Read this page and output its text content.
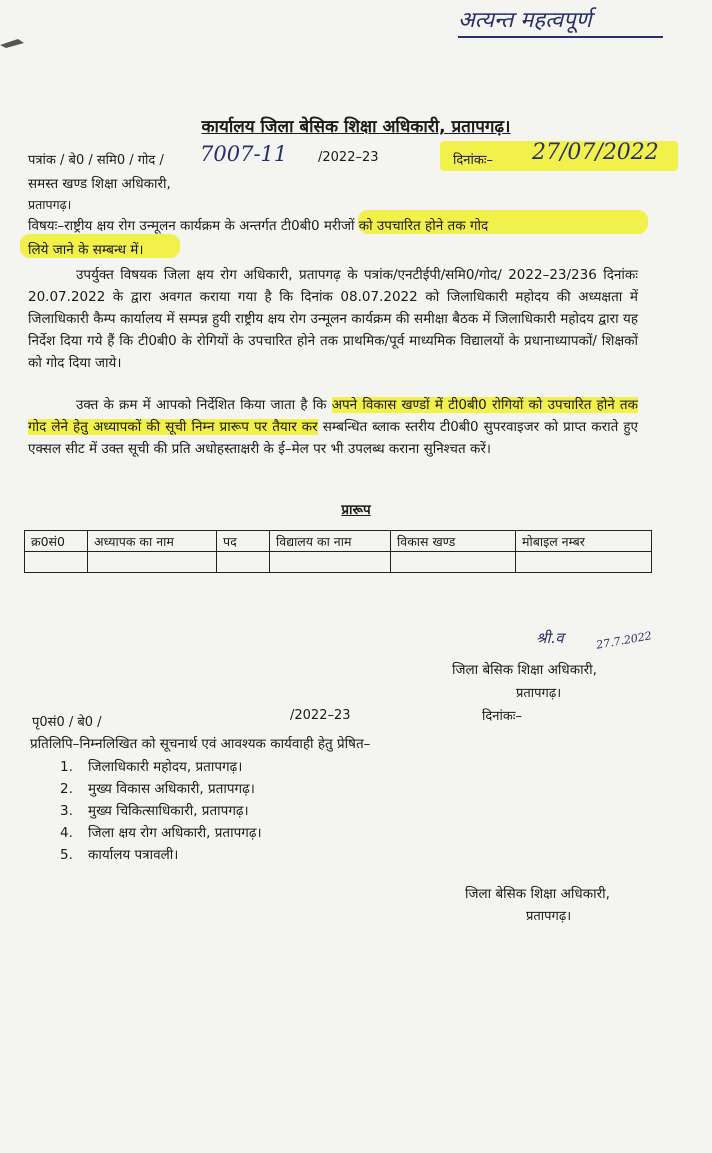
अत्यन्त महत्वपूर्ण
कार्यालय जिला बेसिक शिक्षा अधिकारी, प्रतापगढ़।
पत्रांक / बे0 / समि0 / गोद / 7007-11 /2022–23	दिनांकः– 27/07/2022
समस्त खण्ड शिक्षा अधिकारी,
प्रतापगढ़।
विषयः–राष्ट्रीय क्षय रोग उन्मूलन कार्यक्रम के अन्तर्गत टी0बी0 मरीजों को उपचारित होने तक गोद
लिये जाने के सम्बन्ध में।
उपर्युक्त विषयक जिला क्षय रोग अधिकारी, प्रतापगढ़ के पत्रांक/एनटीईपी/समि0/गोद/ 2022–23/236 दिनांकः 20.07.2022 के द्वारा अवगत कराया गया है कि दिनांक 08.07.2022 को जिलाधिकारी महोदय की अध्यक्षता में जिलाधिकारी कैम्प कार्यालय में सम्पन्न हुयी राष्ट्रीय क्षय रोग उन्मूलन कार्यक्रम की समीक्षा बैठक में जिलाधिकारी महोदय द्वारा यह निर्देश दिया गये हैं कि टी0बी0 के रोगियों के उपचारित होने तक प्राथमिक/पूर्व माध्यमिक विद्यालयों के प्रधानाध्यापकों/ शिक्षकों को गोद दिया जाये।
उक्त के क्रम में आपको निर्देशित किया जाता है कि अपने विकास खण्डों में टी0बी0 रोगियों को उपचारित होने तक गोद लेने हेतु अध्यापकों की सूची निम्न प्रारूप पर तैयार कर सम्बन्धित ब्लाक स्तरीय टी0बी0 सुपरवाइजर को प्राप्त कराते हुए एक्सल सीट में उक्त सूची की प्रति अधोहस्ताक्षरी के ई–मेल पर भी उपलब्ध कराना सुनिश्चत करें।
प्रारूप
क्र0सं0	अध्यापक का नाम	पद	विद्यालय का नाम	विकास खण्ड	मोबाइल नम्बर

श्री.व	27.7.2022
जिला बेसिक शिक्षा अधिकारी,
प्रतापगढ़।
पृ0सं0 / बे0 /	/2022–23	दिनांकः–
प्रतिलिपि–निम्नलिखित को सूचनार्थ एवं आवश्यक कार्यवाही हेतु प्रेषित–
1. जिलाधिकारी महोदय, प्रतापगढ़।
2. मुख्य विकास अधिकारी, प्रतापगढ़।
3. मुख्य चिकित्साधिकारी, प्रतापगढ़।
4. जिला क्षय रोग अधिकारी, प्रतापगढ़।
5. कार्यालय पत्रावली।
जिला बेसिक शिक्षा अधिकारी,
प्रतापगढ़।
